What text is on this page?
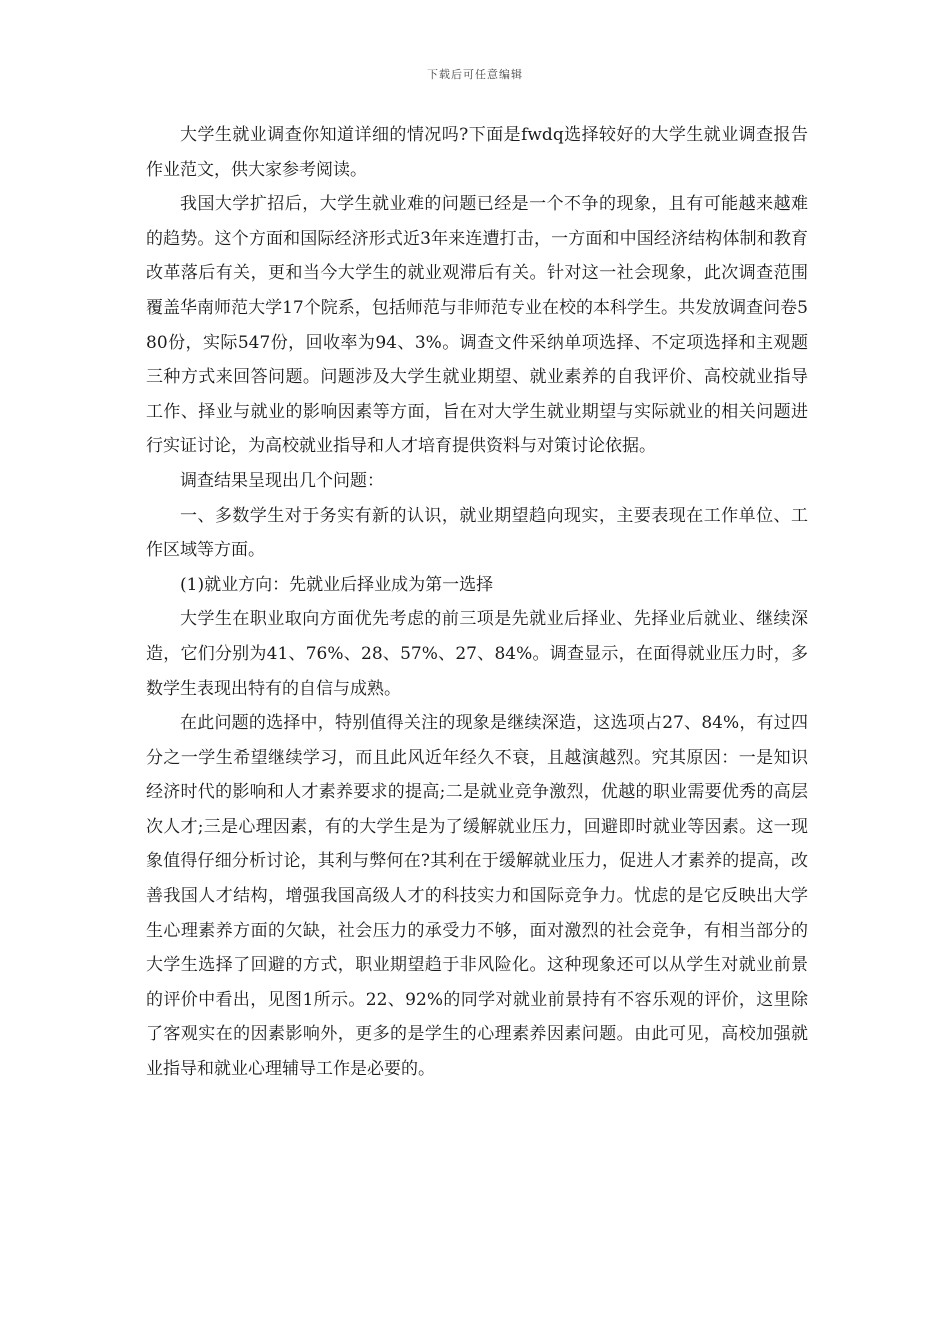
下载后可任意编辑

大学生就业调查你知道详细的情况吗?下面是fwdq选择较好的大学生就业调查报告作业范文，供大家参考阅读。

我国大学扩招后，大学生就业难的问题已经是一个不争的现象，且有可能越来越难的趋势。这个方面和国际经济形式近3年来连遭打击，一方面和中国经济结构体制和教育改革落后有关，更和当今大学生的就业观滞后有关。针对这一社会现象，此次调查范围覆盖华南师范大学17个院系，包括师范与非师范专业在校的本科学生。共发放调查问卷580份，实际547份，回收率为94、3%。调查文件采纳单项选择、不定项选择和主观题三种方式来回答问题。问题涉及大学生就业期望、就业素养的自我评价、高校就业指导工作、择业与就业的影响因素等方面，旨在对大学生就业期望与实际就业的相关问题进行实证讨论，为高校就业指导和人才培育提供资料与对策讨论依据。

调查结果呈现出几个问题：

一、多数学生对于务实有新的认识，就业期望趋向现实，主要表现在工作单位、工作区域等方面。

(1)就业方向：先就业后择业成为第一选择

大学生在职业取向方面优先考虑的前三项是先就业后择业、先择业后就业、继续深造，它们分别为41、76%、28、57%、27、84%。调查显示，在面得就业压力时，多数学生表现出特有的自信与成熟。

在此问题的选择中，特别值得关注的现象是继续深造，这选项占27、84%，有过四分之一学生希望继续学习，而且此风近年经久不衰，且越演越烈。究其原因：一是知识经济时代的影响和人才素养要求的提高;二是就业竞争激烈，优越的职业需要优秀的高层次人才;三是心理因素，有的大学生是为了缓解就业压力，回避即时就业等因素。这一现象值得仔细分析讨论，其利与弊何在?其利在于缓解就业压力，促进人才素养的提高，改善我国人才结构，增强我国高级人才的科技实力和国际竞争力。忧虑的是它反映出大学生心理素养方面的欠缺，社会压力的承受力不够，面对激烈的社会竞争，有相当部分的大学生选择了回避的方式，职业期望趋于非风险化。这种现象还可以从学生对就业前景的评价中看出，见图1所示。22、92%的同学对就业前景持有不容乐观的评价，这里除了客观实在的因素影响外，更多的是学生的心理素养因素问题。由此可见，高校加强就业指导和就业心理辅导工作是必要的。
